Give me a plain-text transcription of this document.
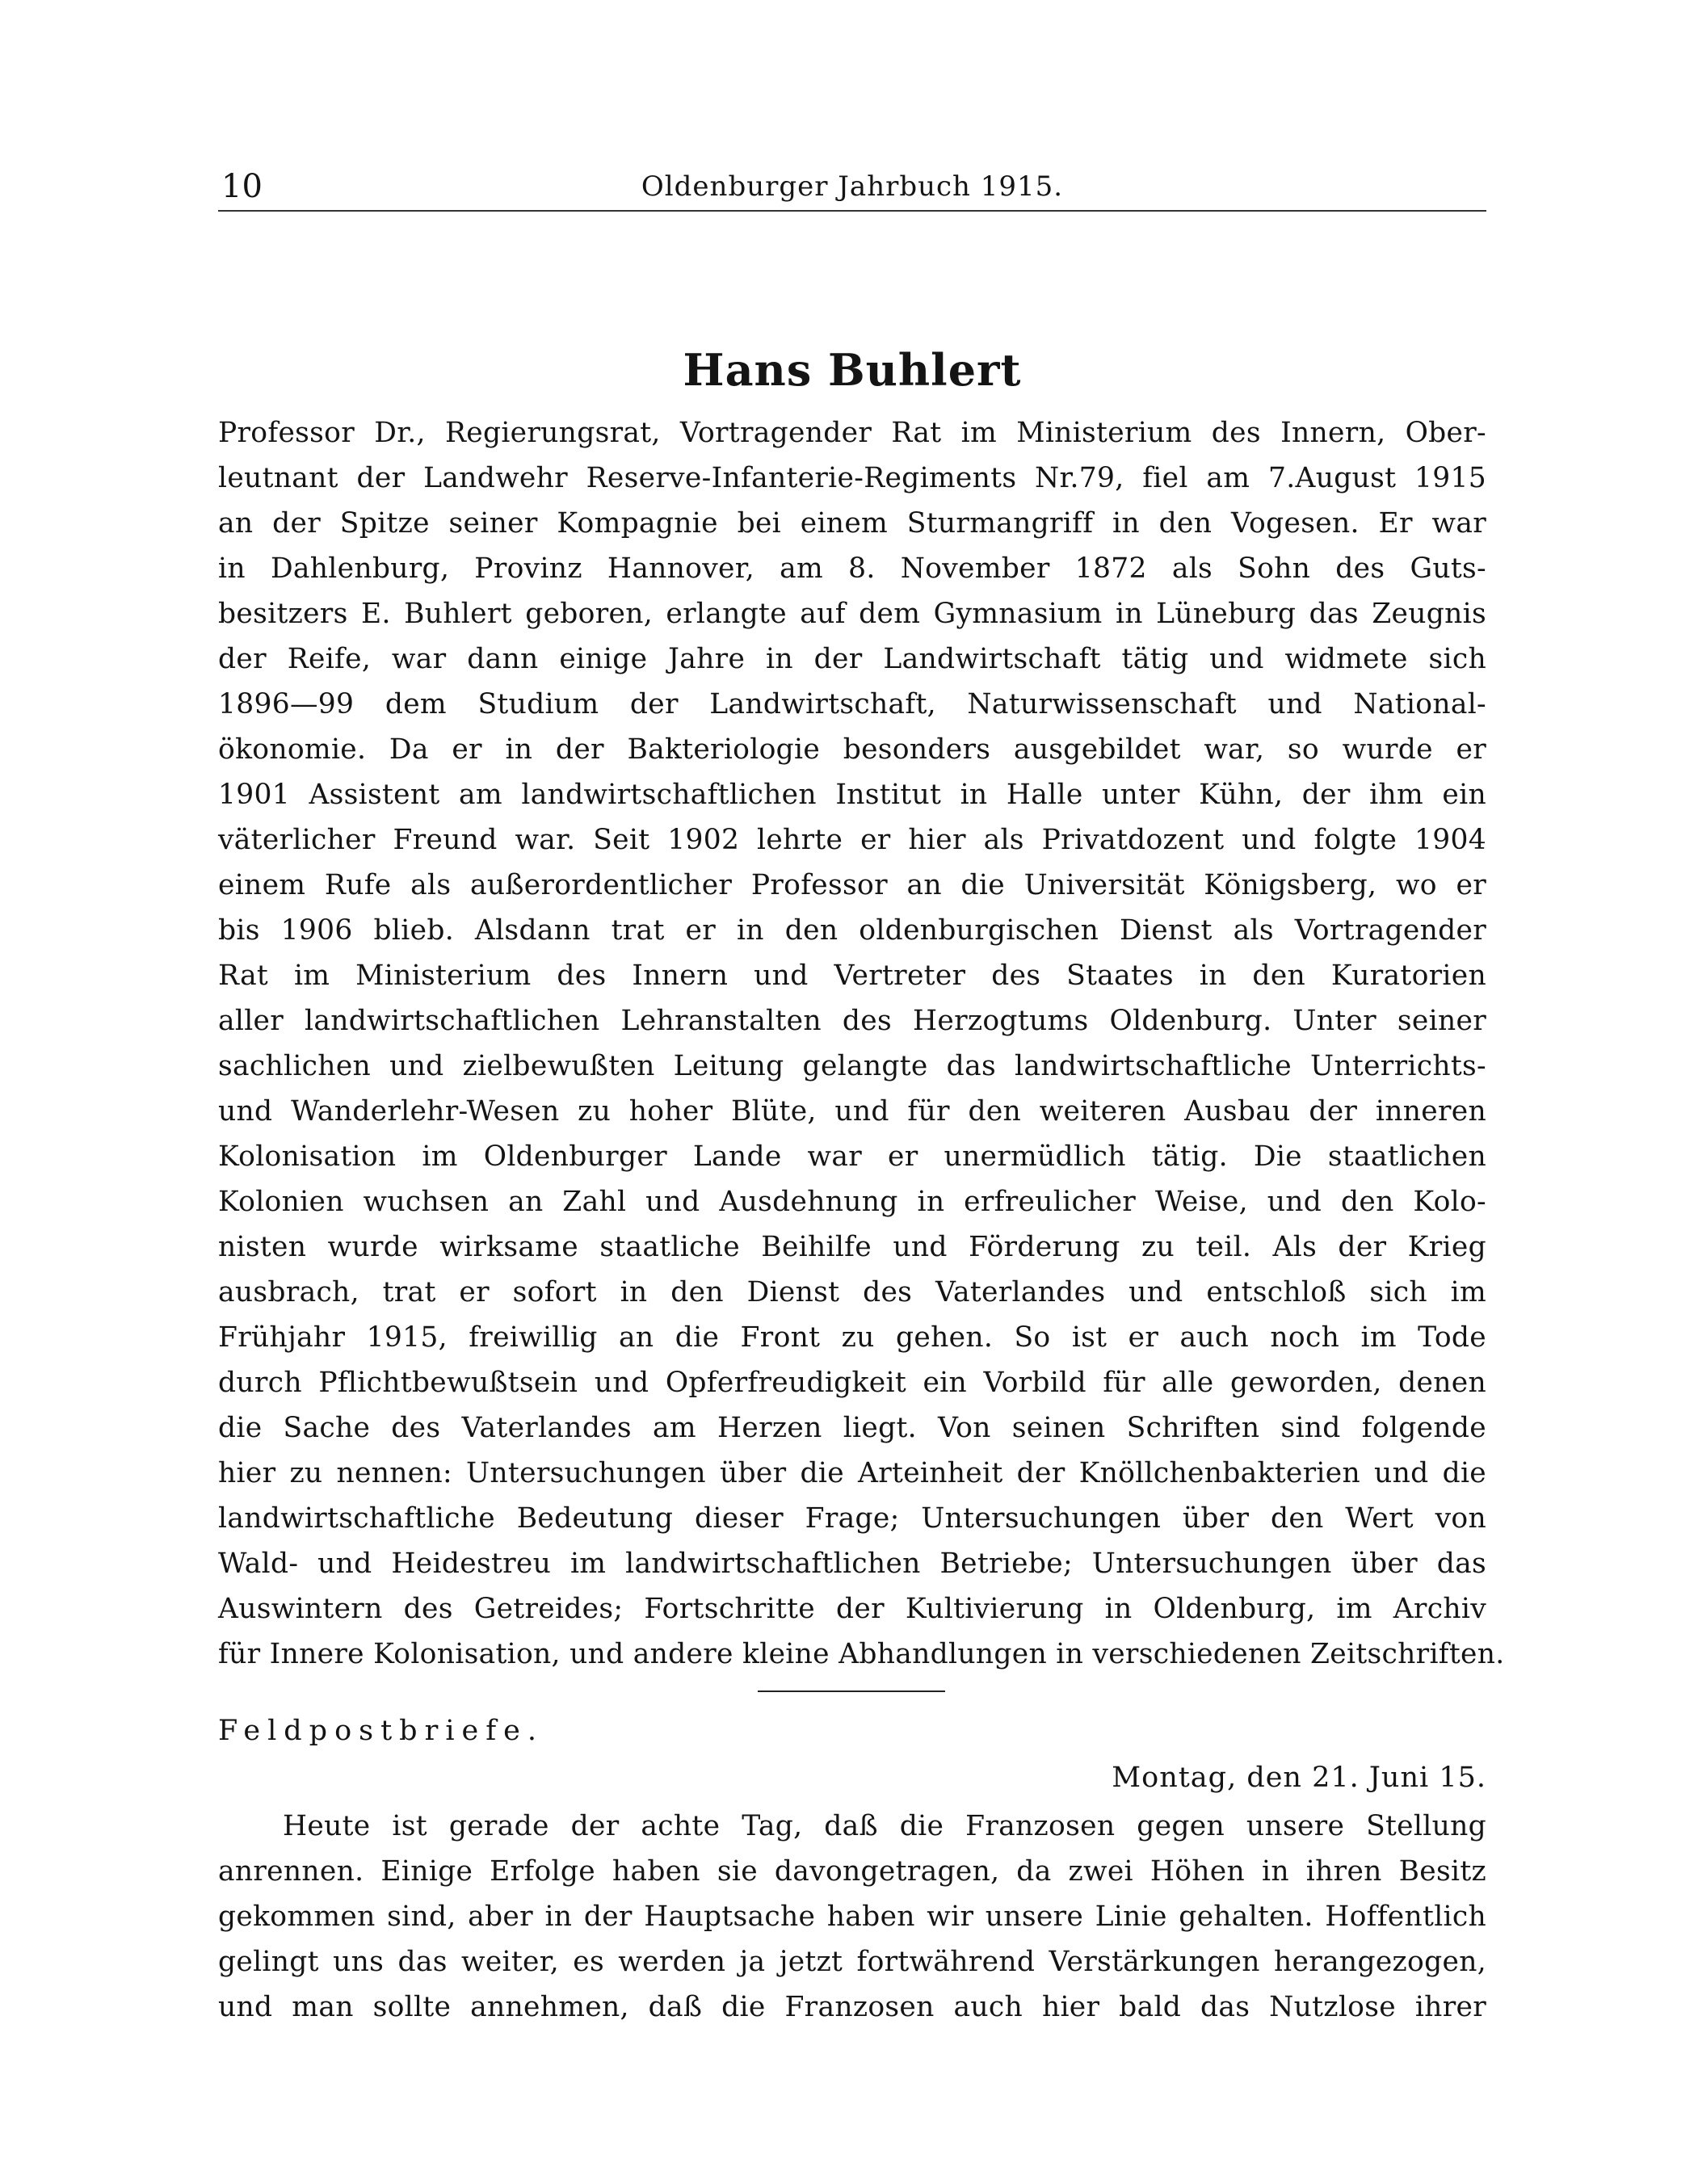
10	Oldenburger Jahrbuch 1915.
Hans Buhlert
Professor Dr., Regierungsrat, Vortragender Rat im Ministerium des Innern, Ober-
leutnant der Landwehr Reserve-Infanterie-Regiments Nr.79, fiel am 7.August 1915
an der Spitze seiner Kompagnie bei einem Sturmangriff in den Vogesen. Er war
in Dahlenburg, Provinz Hannover, am 8. November 1872 als Sohn des Guts-
besitzers E. Buhlert geboren, erlangte auf dem Gymnasium in Lüneburg das Zeugnis
der Reife, war dann einige Jahre in der Landwirtschaft tätig und widmete sich
1896—99 dem Studium der Landwirtschaft, Naturwissenschaft und National-
ökonomie. Da er in der Bakteriologie besonders ausgebildet war, so wurde er
1901 Assistent am landwirtschaftlichen Institut in Halle unter Kühn, der ihm ein
väterlicher Freund war. Seit 1902 lehrte er hier als Privatdozent und folgte 1904
einem Rufe als außerordentlicher Professor an die Universität Königsberg, wo er
bis 1906 blieb. Alsdann trat er in den oldenburgischen Dienst als Vortragender
Rat im Ministerium des Innern und Vertreter des Staates in den Kuratorien
aller landwirtschaftlichen Lehranstalten des Herzogtums Oldenburg. Unter seiner
sachlichen und zielbewußten Leitung gelangte das landwirtschaftliche Unterrichts-
und Wanderlehr-Wesen zu hoher Blüte, und für den weiteren Ausbau der inneren
Kolonisation im Oldenburger Lande war er unermüdlich tätig. Die staatlichen
Kolonien wuchsen an Zahl und Ausdehnung in erfreulicher Weise, und den Kolo-
nisten wurde wirksame staatliche Beihilfe und Förderung zu teil. Als der Krieg
ausbrach, trat er sofort in den Dienst des Vaterlandes und entschloß sich im
Frühjahr 1915, freiwillig an die Front zu gehen. So ist er auch noch im Tode
durch Pflichtbewußtsein und Opferfreudigkeit ein Vorbild für alle geworden, denen
die Sache des Vaterlandes am Herzen liegt. Von seinen Schriften sind folgende
hier zu nennen: Untersuchungen über die Arteinheit der Knöllchenbakterien und die
landwirtschaftliche Bedeutung dieser Frage; Untersuchungen über den Wert von
Wald- und Heidestreu im landwirtschaftlichen Betriebe; Untersuchungen über das
Auswintern des Getreides; Fortschritte der Kultivierung in Oldenburg, im Archiv
für Innere Kolonisation, und andere kleine Abhandlungen in verschiedenen Zeitschriften.
Feldpostbriefe.
Montag, den 21. Juni 15.
Heute ist gerade der achte Tag, daß die Franzosen gegen unsere Stellung
anrennen. Einige Erfolge haben sie davongetragen, da zwei Höhen in ihren Besitz
gekommen sind, aber in der Hauptsache haben wir unsere Linie gehalten. Hoffentlich
gelingt uns das weiter, es werden ja jetzt fortwährend Verstärkungen herangezogen,
und man sollte annehmen, daß die Franzosen auch hier bald das Nutzlose ihrer
